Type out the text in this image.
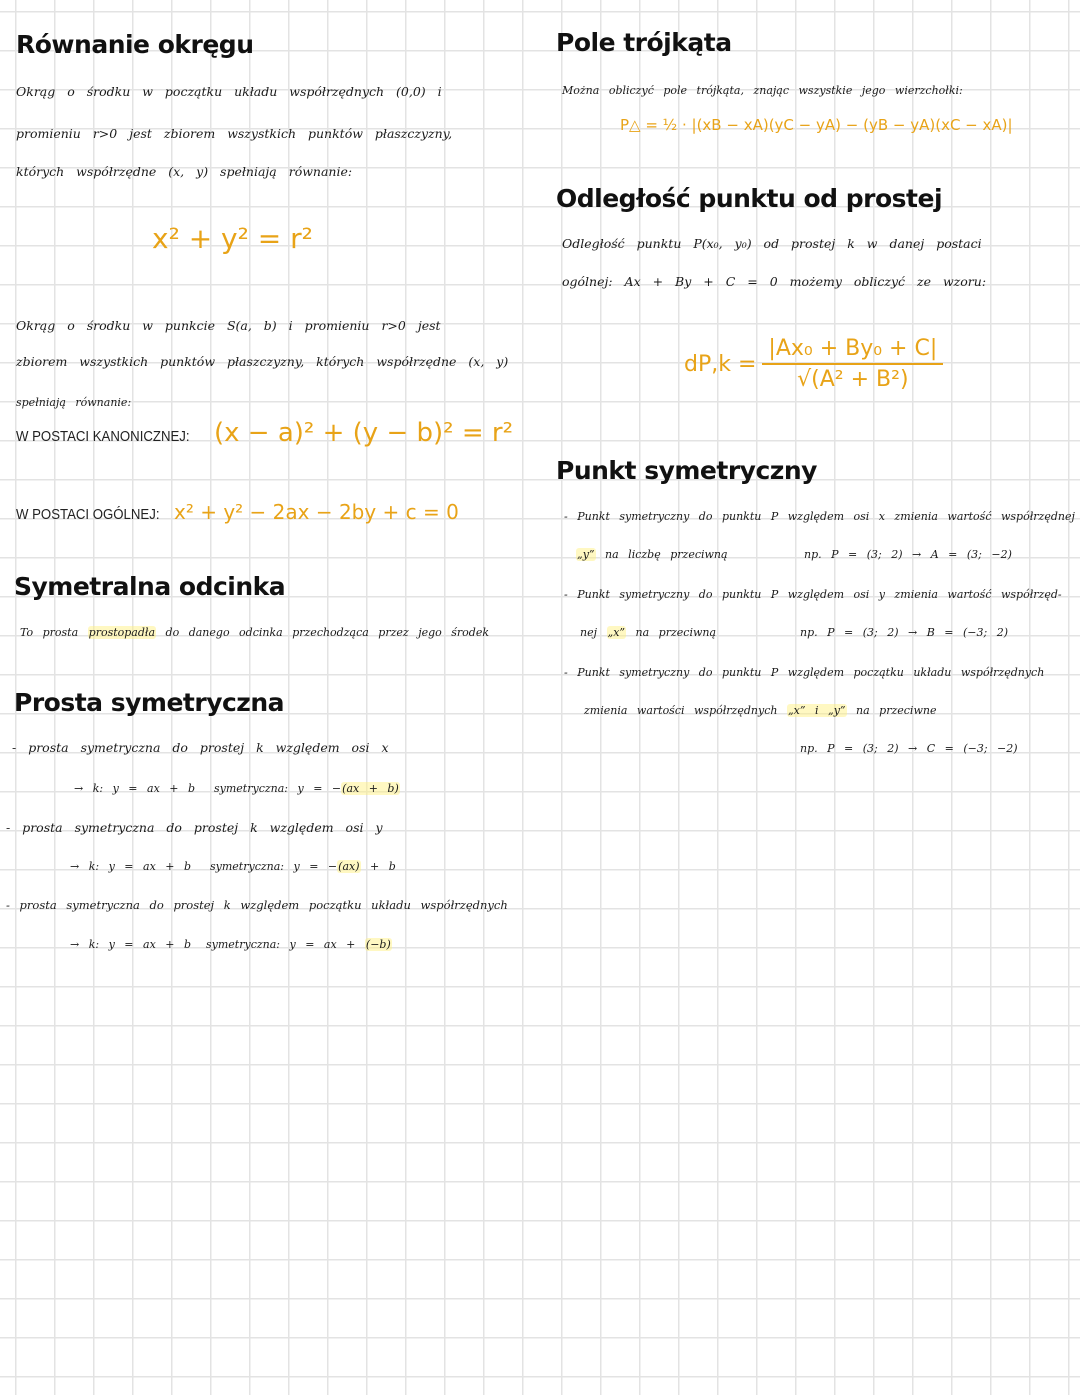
Równanie okręgu
Okrąg o środku w początku układu współrzędnych (0,0) i
promieniu r>0 jest zbiorem wszystkich punktów płaszczyzny,
których współrzędne (x, y) spełniają równanie:
x² + y² = r²
Okrąg o środku w punkcie S(a, b) i promieniu r>0 jest
zbiorem wszystkich punktów płaszczyzny, których współrzędne (x, y)
spełniają równanie:
W POSTACI KANONICZNEJ: (x − a)² + (y − b)² = r²
W POSTACI OGÓLNEJ: x² + y² − 2ax − 2by + c = 0
Symetralna odcinka
To prosta prostopadła do danego odcinka przechodząca przez jego środek
Prosta symetryczna
- prosta symetryczna do prostej k względem osi x
→ k: y = ax + b symetryczna: y = −(ax + b)
- prosta symetryczna do prostej k względem osi y
→ k: y = ax + b symetryczna: y = −(ax) + b
- prosta symetryczna do prostej k względem początku układu współrzędnych
→ k: y = ax + b symetryczna: y = ax + (−b)
Pole trójkąta
Można obliczyć pole trójkąta, znając wszystkie jego wierzchołki:
P△ = ½ · |(xB − xA)(yC − yA) − (yB − yA)(xC − xA)|
Odległość punktu od prostej
Odległość punktu P(x₀, y₀) od prostej k w danej postaci
ogólnej: Ax + By + C = 0 możemy obliczyć ze wzoru:
$dP,k = \frac{\text{|Ax₀ + By₀ + C|}}{\text{√(A² + B²)}}$
Punkt symetryczny
- Punkt symetryczny do punktu P względem osi x zmienia wartość współrzędnej
„y” na liczbę przeciwną	np. P = (3; 2) → A = (3; −2)
- Punkt symetryczny do punktu P względem osi y zmienia wartość współrzęd-
nej „x” na przeciwną	np. P = (3; 2) → B = (−3; 2)
- Punkt symetryczny do punktu P względem początku układu współrzędnych
zmienia wartości współrzędnych „x” i „y” na przeciwne
np. P = (3; 2) → C = (−3; −2)
